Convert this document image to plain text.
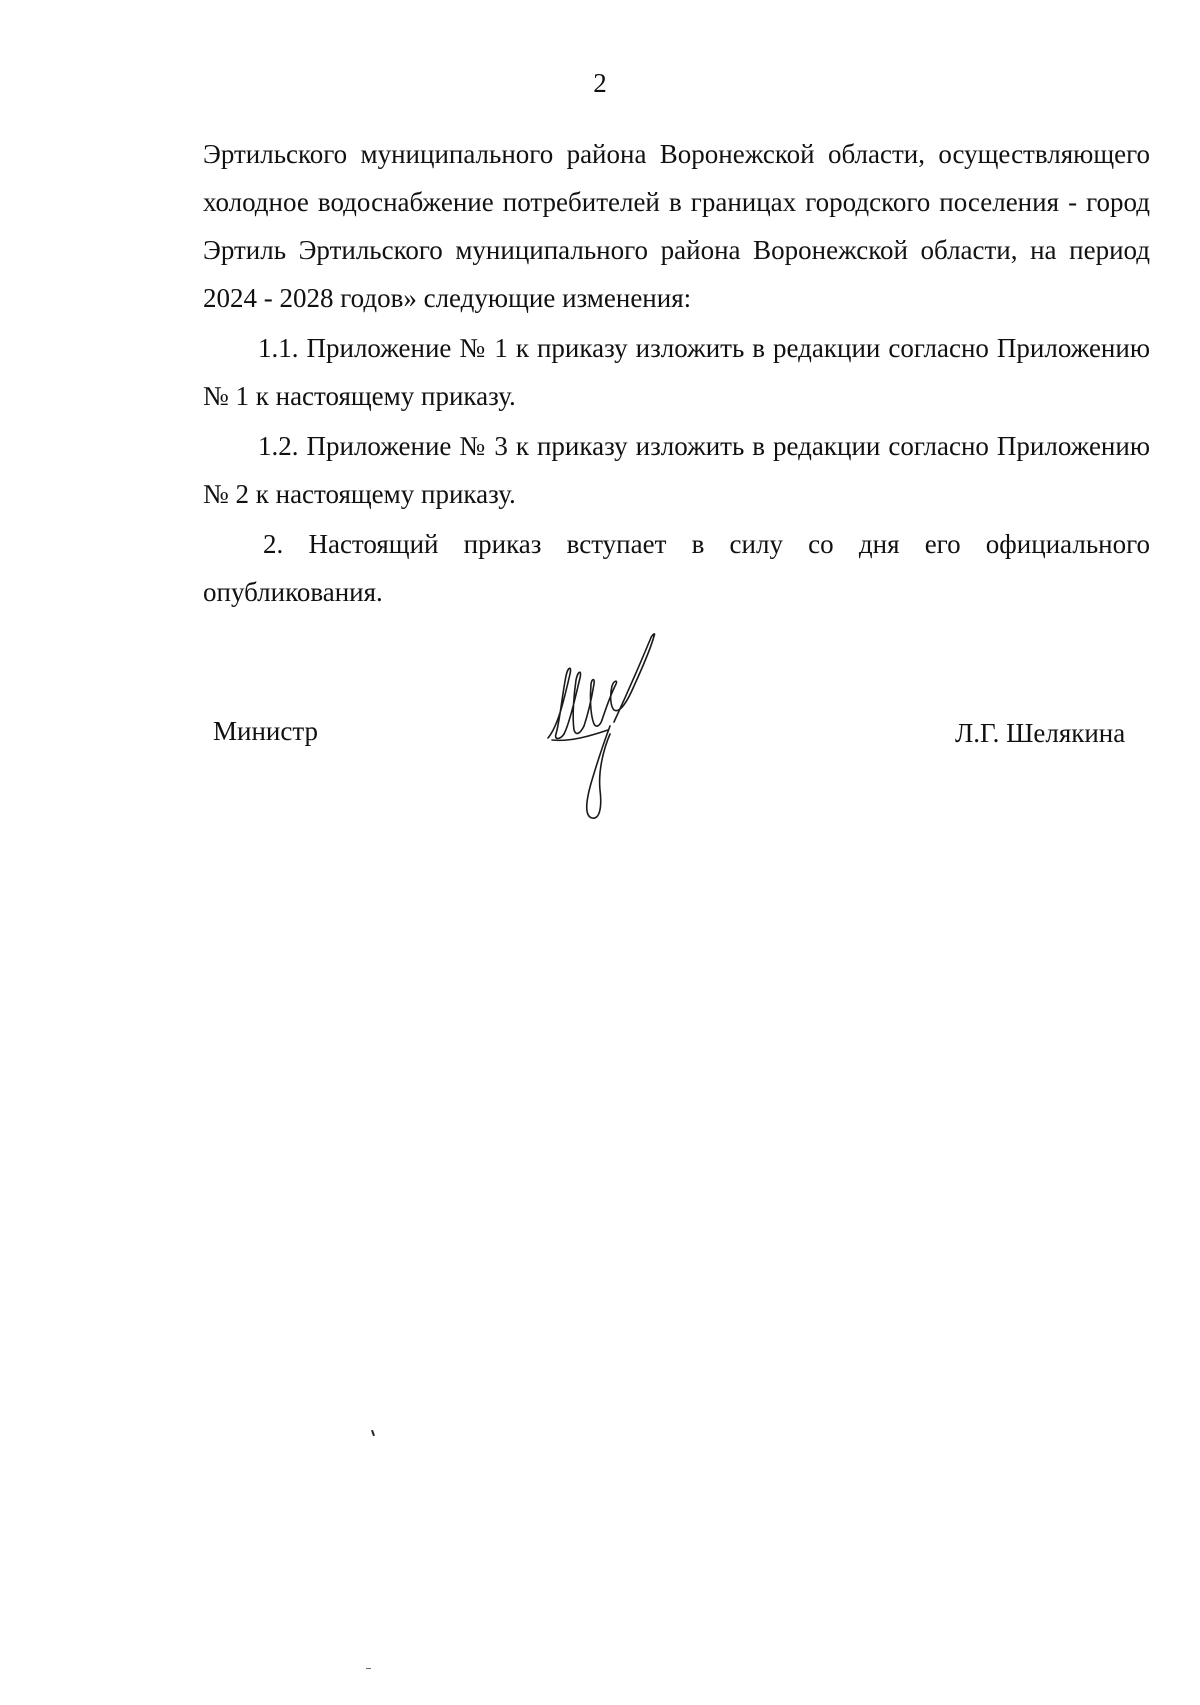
2

Эртильского муниципального района Воронежской области, осуществляющего холодное водоснабжение потребителей в границах городского поселения - город Эртиль Эртильского муниципального района Воронежской области, на период 2024 - 2028 годов» следующие изменения:

1.1. Приложение № 1 к приказу изложить в редакции согласно Приложению № 1 к настоящему приказу.

1.2. Приложение № 3 к приказу изложить в редакции согласно Приложению № 2 к настоящему приказу.

2. Настоящий приказ вступает в силу со дня его официального опубликования.

Министр	Л.Г. Шелякина
